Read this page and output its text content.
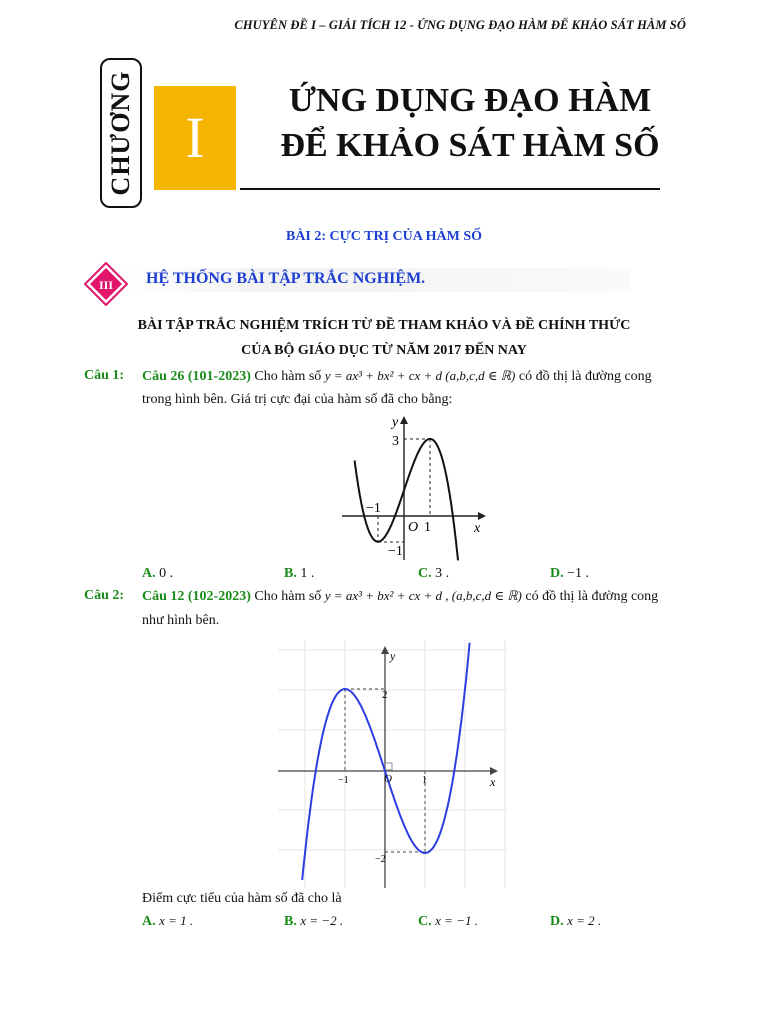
CHUYÊN ĐỀ I – GIẢI TÍCH 12 - ỨNG DỤNG ĐẠO HÀM ĐỂ KHẢO SÁT HÀM SỐ
CHƯƠNG I
ỨNG DỤNG ĐẠO HÀM
ĐỂ KHẢO SÁT HÀM SỐ
BÀI 2: CỰC TRỊ CỦA HÀM SỐ
III HỆ THỐNG BÀI TẬP TRẮC NGHIỆM.
BÀI TẬP TRẮC NGHIỆM TRÍCH TỪ ĐỀ THAM KHẢO VÀ ĐỀ CHÍNH THỨC
CỦA BỘ GIÁO DỤC TỪ NĂM 2017 ĐẾN NAY
Câu 1: Câu 26 (101-2023) Cho hàm số y = ax³ + bx² + cx + d (a,b,c,d ∈ ℝ) có đồ thị là đường cong
trong hình bên. Giá trị cực đại của hàm số đã cho bằng:
y
x
3
O 1
−1
−1
A. 0 .	B. 1 .	C. 3 .	D. −1 .
Câu 2: Câu 12 (102-2023) Cho hàm số y = ax³ + bx² + cx + d , (a,b,c,d ∈ ℝ) có đồ thị là đường cong
như hình bên.
y
x
O
2
−1	1
−2
Điểm cực tiểu của hàm số đã cho là
A. x = 1 .	B. x = −2 .	C. x = −1 .	D. x = 2 .
